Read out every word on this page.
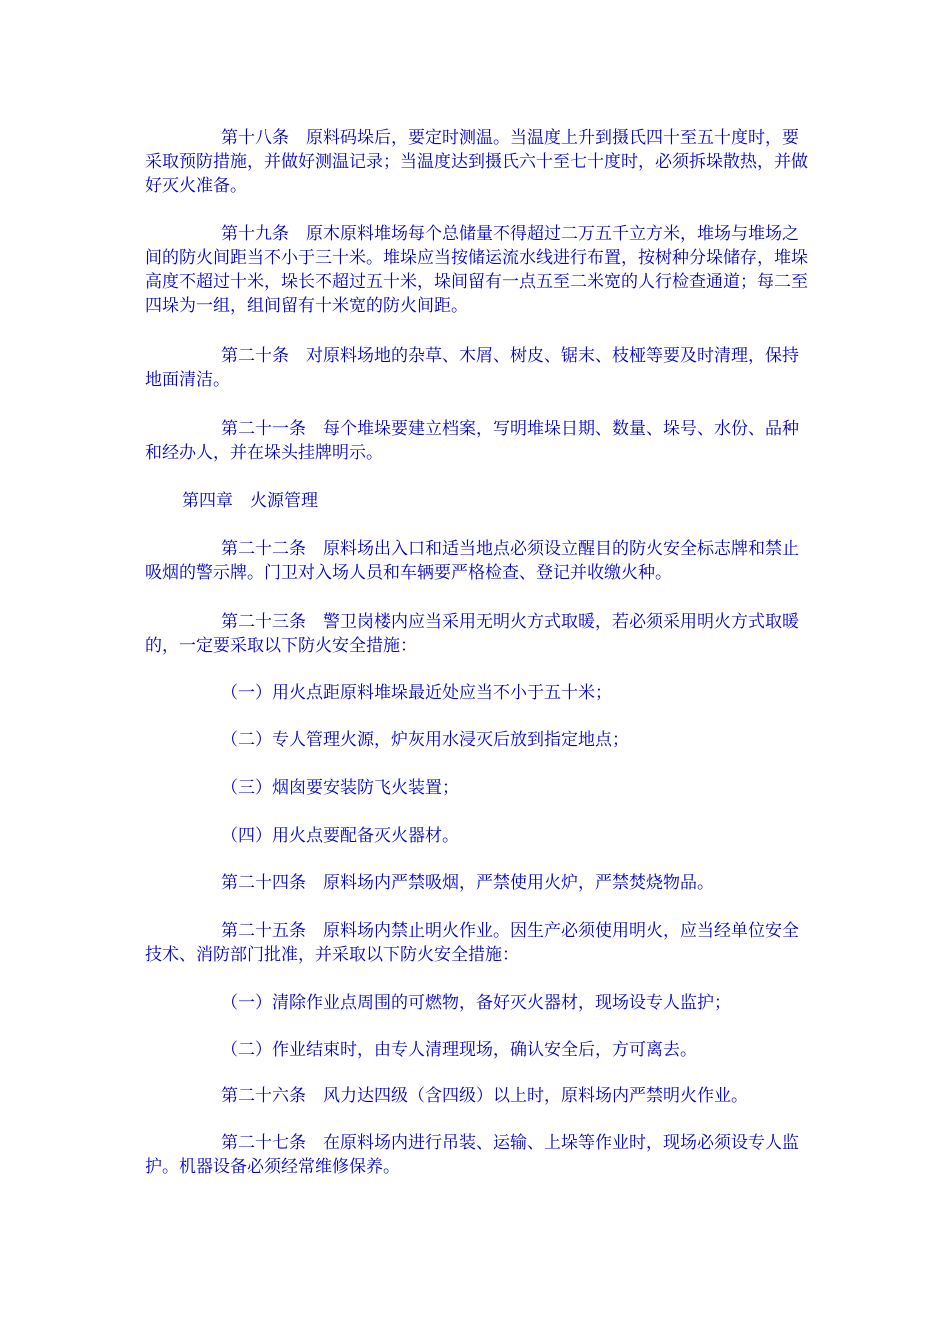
第十八条　原料码垛后，要定时测温。当温度上升到摄氏四十至五十度时，要采取预防措施，并做好测温记录；当温度达到摄氏六十至七十度时，必须拆垛散热，并做好灭火准备。

第十九条　原木原料堆场每个总储量不得超过二万五千立方米，堆场与堆场之间的防火间距当不小于三十米。堆垛应当按储运流水线进行布置，按树种分垛储存，堆垛高度不超过十米，垛长不超过五十米，垛间留有一点五至二米宽的人行检查通道；每二至四垛为一组，组间留有十米宽的防火间距。

第二十条　对原料场地的杂草、木屑、树皮、锯末、枝桠等要及时清理，保持地面清洁。

第二十一条　每个堆垛要建立档案，写明堆垛日期、数量、垛号、水份、品种和经办人，并在垛头挂牌明示。

第四章　火源管理

第二十二条　原料场出入口和适当地点必须设立醒目的防火安全标志牌和禁止吸烟的警示牌。门卫对入场人员和车辆要严格检查、登记并收缴火种。

第二十三条　警卫岗楼内应当采用无明火方式取暖，若必须采用明火方式取暖的，一定要采取以下防火安全措施：

（一）用火点距原料堆垛最近处应当不小于五十米；

（二）专人管理火源，炉灰用水浸灭后放到指定地点；

（三）烟囱要安装防飞火装置；

（四）用火点要配备灭火器材。

第二十四条　原料场内严禁吸烟，严禁使用火炉，严禁焚烧物品。

第二十五条　原料场内禁止明火作业。因生产必须使用明火，应当经单位安全技术、消防部门批准，并采取以下防火安全措施：

（一）清除作业点周围的可燃物，备好灭火器材，现场设专人监护；

（二）作业结束时，由专人清理现场，确认安全后，方可离去。

第二十六条　风力达四级（含四级）以上时，原料场内严禁明火作业。

第二十七条　在原料场内进行吊装、运输、上垛等作业时，现场必须设专人监护。机器设备必须经常维修保养。
